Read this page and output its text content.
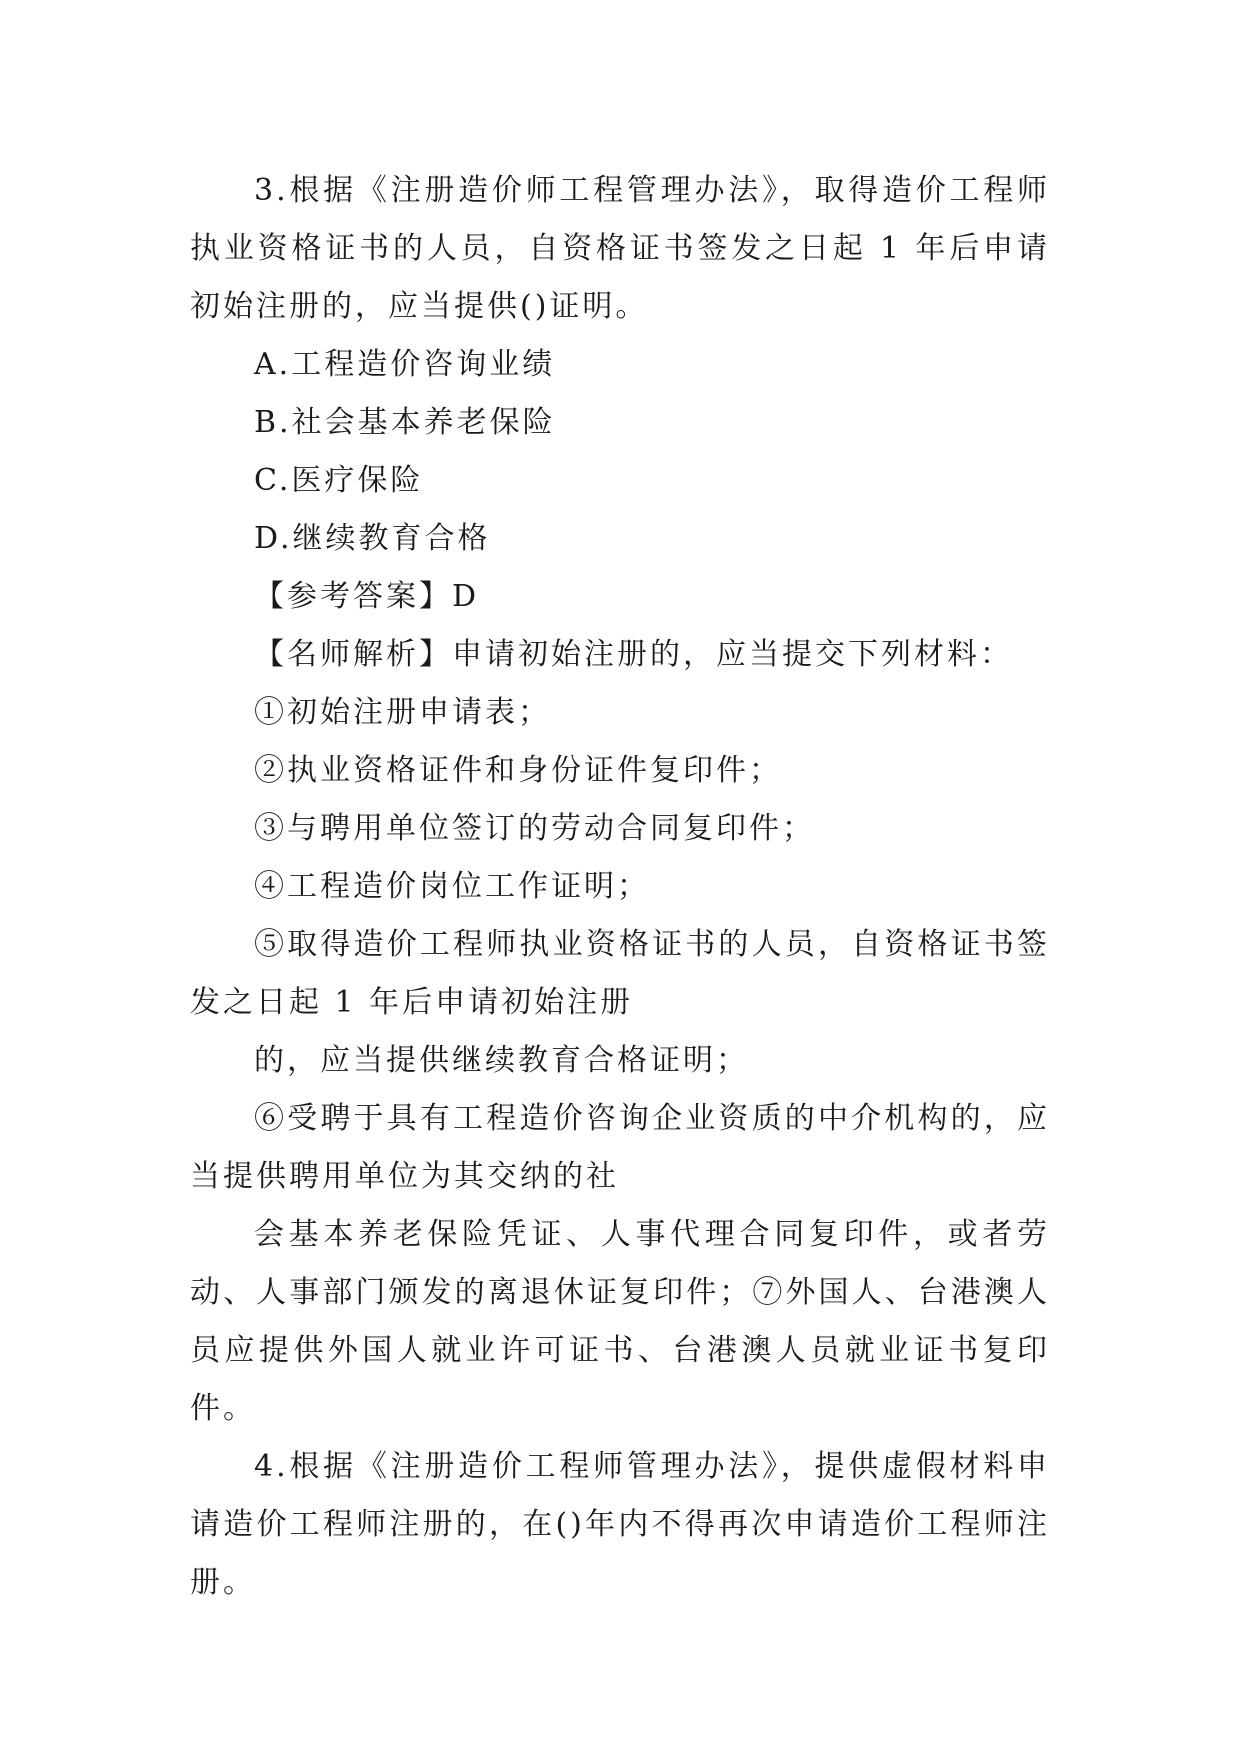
3.根据《注册造价师工程管理办法》，取得造价工程师执业资格证书的人员，自资格证书签发之日起 1 年后申请初始注册的，应当提供()证明。

A.工程造价咨询业绩

B.社会基本养老保险

C.医疗保险

D.继续教育合格

【参考答案】D

【名师解析】申请初始注册的，应当提交下列材料：

①初始注册申请表；

②执业资格证件和身份证件复印件；

③与聘用单位签订的劳动合同复印件；

④工程造价岗位工作证明；

⑤取得造价工程师执业资格证书的人员，自资格证书签发之日起 1 年后申请初始注册

的，应当提供继续教育合格证明；

⑥受聘于具有工程造价咨询企业资质的中介机构的，应当提供聘用单位为其交纳的社

会基本养老保险凭证、人事代理合同复印件，或者劳动、人事部门颁发的离退休证复印件；⑦外国人、台港澳人员应提供外国人就业许可证书、台港澳人员就业证书复印件。

4.根据《注册造价工程师管理办法》，提供虚假材料申请造价工程师注册的，在()年内不得再次申请造价工程师注册。
